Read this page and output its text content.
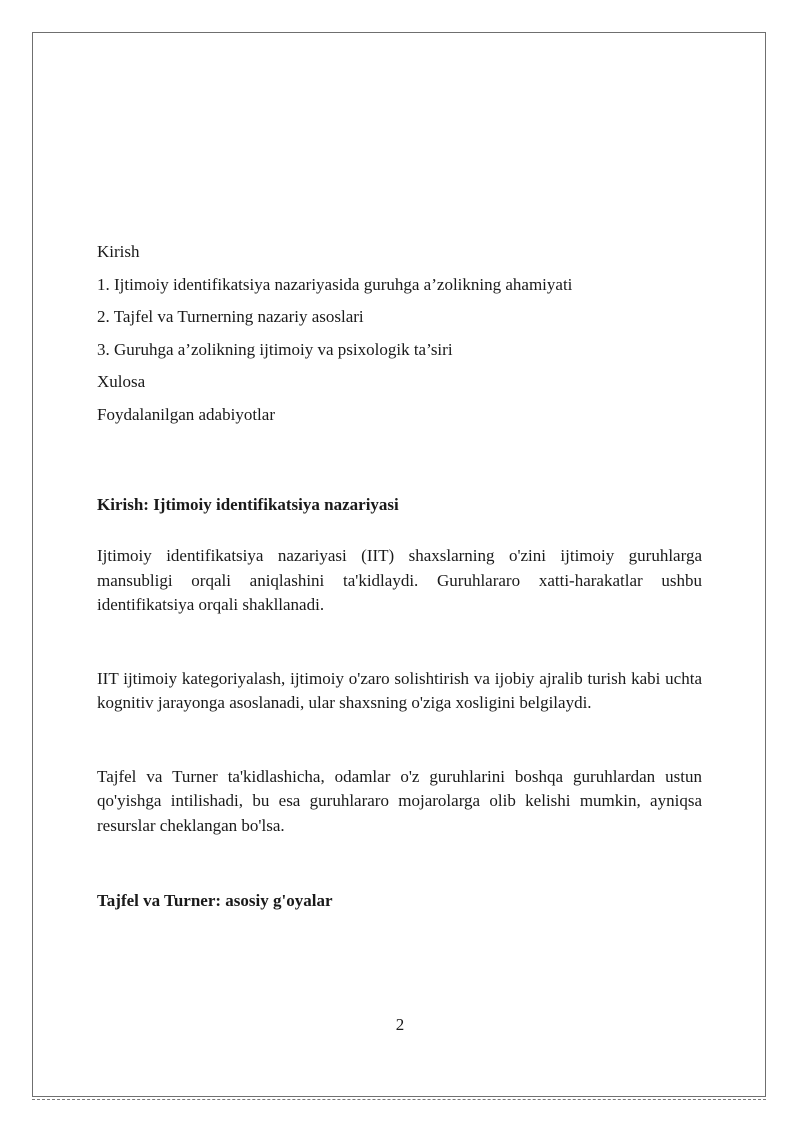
Kirish

1. Ijtimoiy identifikatsiya nazariyasida guruhga a’zolikning ahamiyati

2. Tajfel va Turnerning nazariy asoslari

3. Guruhga a’zolikning ijtimoiy va psixologik ta’siri

Xulosa

Foydalanilgan adabiyotlar

Kirish: Ijtimoiy identifikatsiya nazariyasi

Ijtimoiy identifikatsiya nazariyasi (IIT) shaxslarning o'zini ijtimoiy guruhlarga mansubligi orqali aniqlashini ta'kidlaydi. Guruhlararo xatti-harakatlar ushbu identifikatsiya orqali shakllanadi.

IIT ijtimoiy kategoriyalash, ijtimoiy o'zaro solishtirish va ijobiy ajralib turish kabi uchta kognitiv jarayonga asoslanadi, ular shaxsning o'ziga xosligini belgilaydi.

Tajfel va Turner ta'kidlashicha, odamlar o'z guruhlarini boshqa guruhlardan ustun qo'yishga intilishadi, bu esa guruhlararo mojarolarga olib kelishi mumkin, ayniqsa resurslar cheklangan bo'lsa.

Tajfel va Turner: asosiy g'oyalar
2
